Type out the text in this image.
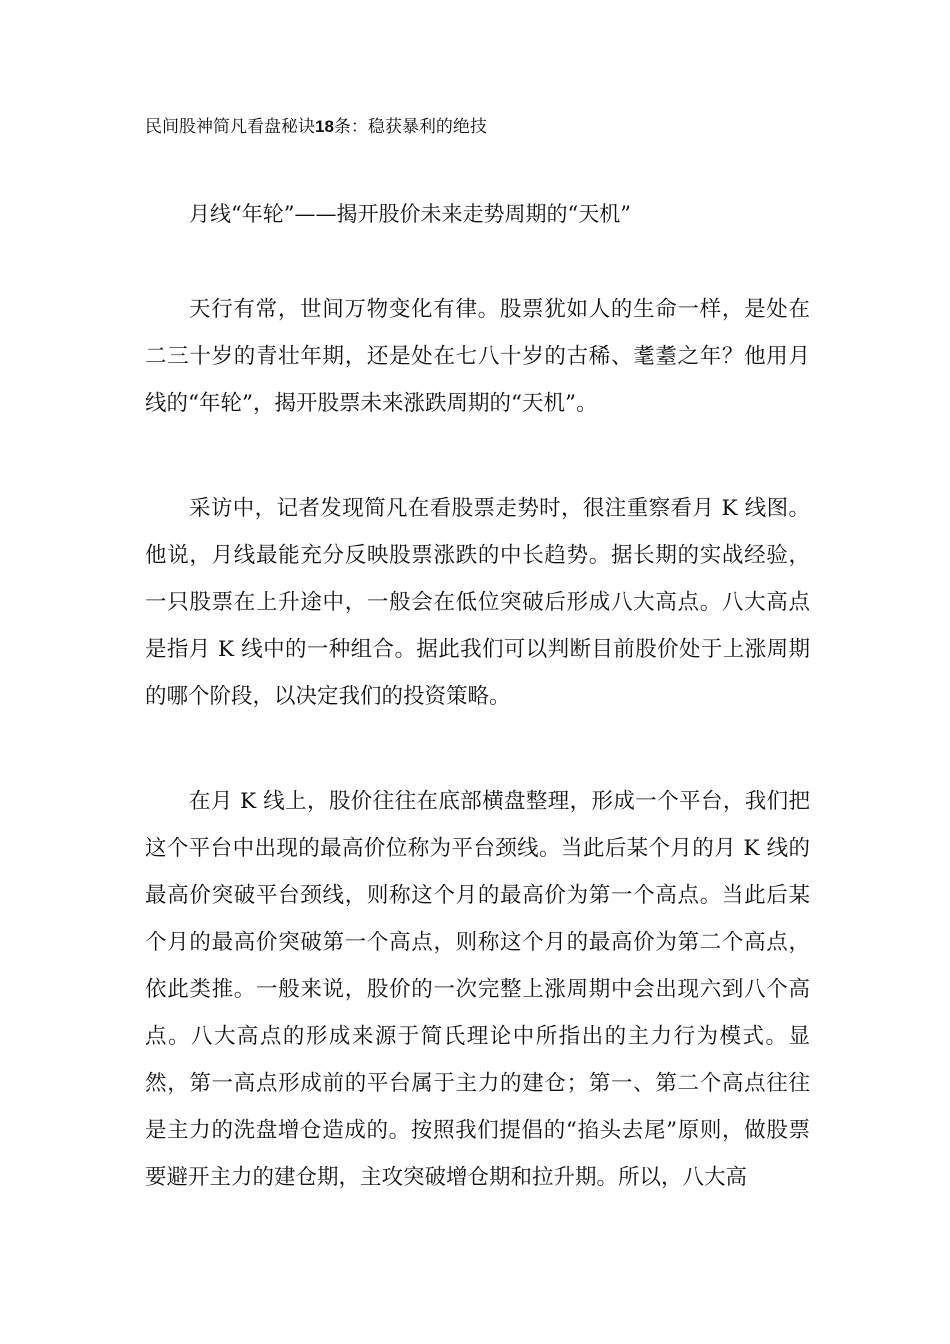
民间股神简凡看盘秘诀18条：稳获暴利的绝技
月线“年轮”——揭开股价未来走势周期的“天机”

天行有常，世间万物变化有律。股票犹如人的生命一样，是处在二三十岁的青壮年期，还是处在七八十岁的古稀、耄耋之年？他用月线的“年轮”，揭开股票未来涨跌周期的“天机”。

采访中，记者发现简凡在看股票走势时，很注重察看月 K 线图。他说，月线最能充分反映股票涨跌的中长趋势。据长期的实战经验，一只股票在上升途中，一般会在低位突破后形成八大高点。八大高点是指月 K 线中的一种组合。据此我们可以判断目前股价处于上涨周期的哪个阶段，以决定我们的投资策略。

在月 K 线上，股价往往在底部横盘整理，形成一个平台，我们把这个平台中出现的最高价位称为平台颈线。当此后某个月的月 K 线的最高价突破平台颈线，则称这个月的最高价为第一个高点。当此后某个月的最高价突破第一个高点，则称这个月的最高价为第二个高点，依此类推。一般来说，股价的一次完整上涨周期中会出现六到八个高点。八大高点的形成来源于简氏理论中所指出的主力行为模式。显然，第一高点形成前的平台属于主力的建仓；第一、第二个高点往往是主力的洗盘增仓造成的。按照我们提倡的“掐头去尾”原则，做股票要避开主力的建仓期，主攻突破增仓期和拉升期。所以，八大高
